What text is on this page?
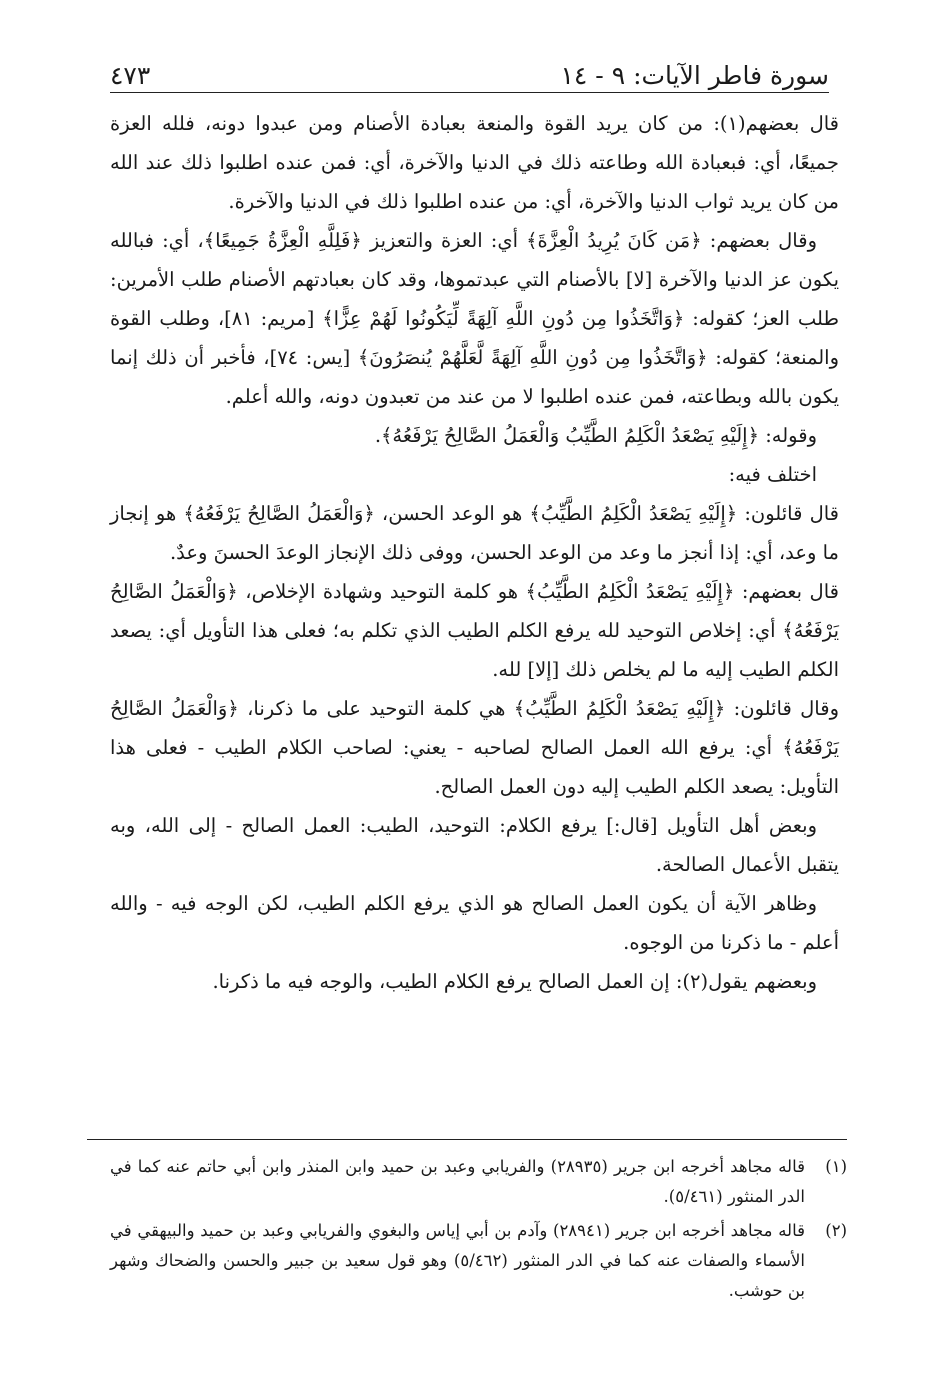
سورة فاطر الآيات: ٩ - ١٤
٤٧٣

قال بعضهم(١): من كان يريد القوة والمنعة بعبادة الأصنام ومن عبدوا دونه، فلله العزة جميعًا، أي: فبعبادة الله وطاعته ذلك في الدنيا والآخرة، أي: فمن عنده اطلبوا ذلك عند الله من كان يريد ثواب الدنيا والآخرة، أي: من عنده اطلبوا ذلك في الدنيا والآخرة.

وقال بعضهم: ﴿مَن كَانَ يُرِيدُ الْعِزَّةَ﴾ أي: العزة والتعزيز ﴿فَلِلَّهِ الْعِزَّةُ جَمِيعًا﴾، أي: فبالله يكون عز الدنيا والآخرة [لا] بالأصنام التي عبدتموها، وقد كان بعبادتهم الأصنام طلب الأمرين: طلب العز؛ كقوله: ﴿وَاتَّخَذُوا مِن دُونِ اللَّهِ آلِهَةً لِّيَكُونُوا لَهُمْ عِزًّا﴾ [مريم: ٨١]، وطلب القوة والمنعة؛ كقوله: ﴿وَاتَّخَذُوا مِن دُونِ اللَّهِ آلِهَةً لَّعَلَّهُمْ يُنصَرُونَ﴾ [يس: ٧٤]، فأخبر أن ذلك إنما يكون بالله وبطاعته، فمن عنده اطلبوا لا من عند من تعبدون دونه، والله أعلم.

وقوله: ﴿إِلَيْهِ يَصْعَدُ الْكَلِمُ الطَّيِّبُ وَالْعَمَلُ الصَّالِحُ يَرْفَعُهُ﴾.

اختلف فيه:

قال قائلون: ﴿إِلَيْهِ يَصْعَدُ الْكَلِمُ الطَّيِّبُ﴾ هو الوعد الحسن، ﴿وَالْعَمَلُ الصَّالِحُ يَرْفَعُهُ﴾ هو إنجاز ما وعد، أي: إذا أنجز ما وعد من الوعد الحسن، ووفى ذلك الإنجاز الوعدَ الحسنَ وعدٌ.

قال بعضهم: ﴿إِلَيْهِ يَصْعَدُ الْكَلِمُ الطَّيِّبُ﴾ هو كلمة التوحيد وشهادة الإخلاص، ﴿وَالْعَمَلُ الصَّالِحُ يَرْفَعُهُ﴾ أي: إخلاص التوحيد لله يرفع الكلم الطيب الذي تكلم به؛ فعلى هذا التأويل أي: يصعد الكلم الطيب إليه ما لم يخلص ذلك [إلا] لله.

وقال قائلون: ﴿إِلَيْهِ يَصْعَدُ الْكَلِمُ الطَّيِّبُ﴾ هي كلمة التوحيد على ما ذكرنا، ﴿وَالْعَمَلُ الصَّالِحُ يَرْفَعُهُ﴾ أي: يرفع الله العمل الصالح لصاحبه - يعني: لصاحب الكلام الطيب - فعلى هذا التأويل: يصعد الكلم الطيب إليه دون العمل الصالح.

وبعض أهل التأويل [قال:] يرفع الكلام: التوحيد، الطيب: العمل الصالح - إلى الله، وبه يتقبل الأعمال الصالحة.

وظاهر الآية أن يكون العمل الصالح هو الذي يرفع الكلم الطيب، لكن الوجه فيه - والله أعلم - ما ذكرنا من الوجوه.

وبعضهم يقول(٢): إن العمل الصالح يرفع الكلام الطيب، والوجه فيه ما ذكرنا.

(١)
قاله مجاهد أخرجه ابن جرير (٢٨٩٣٥) والفريابي وعبد بن حميد وابن المنذر وابن أبي حاتم عنه كما في الدر المنثور (٥/٤٦١).
(٢)
قاله مجاهد أخرجه ابن جرير (٢٨٩٤١) وآدم بن أبي إياس والبغوي والفريابي وعبد بن حميد والبيهقي في الأسماء والصفات عنه كما في الدر المنثور (٥/٤٦٢) وهو قول سعيد بن جبير والحسن والضحاك وشهر بن حوشب.
